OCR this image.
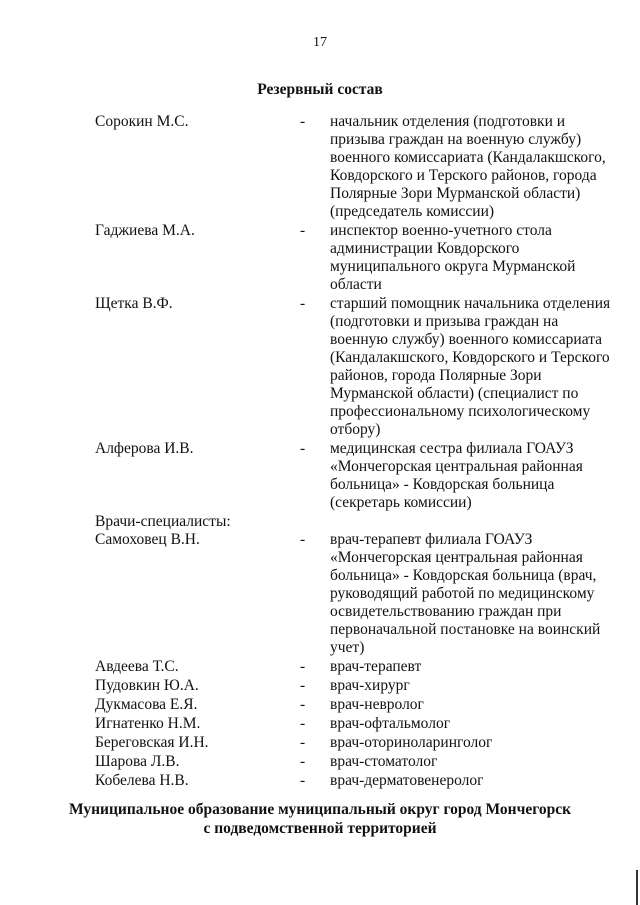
17
Резервный состав
Сорокин М.С.	-	начальник отделения (подготовки и
призыва граждан на военную службу)
военного комиссариата (Кандалакшского,
Ковдорского и Терского районов, города
Полярные Зори Мурманской области)
(председатель комиссии)
Гаджиева М.А.	-	инспектор военно-учетного стола
администрации Ковдорского
муниципального округа Мурманской
области
Щетка В.Ф.	-	старший помощник начальника отделения
(подготовки и призыва граждан на
военную службу) военного комиссариата
(Кандалакшского, Ковдорского и Терского
районов, города Полярные Зори
Мурманской области) (специалист по
профессиональному психологическому
отбору)
Алферова И.В.	-	медицинская сестра филиала ГОАУЗ
«Мончегорская центральная районная
больница» - Ковдорская больница
(секретарь комиссии)
Врачи-специалисты:
Самоховец В.Н.	-	врач-терапевт филиала ГОАУЗ
«Мончегорская центральная районная
больница» - Ковдорская больница (врач,
руководящий работой по медицинскому
освидетельствованию граждан при
первоначальной постановке на воинский
учет)
Авдеева Т.С.	-	врач-терапевт
Пудовкин Ю.А.	-	врач-хирург
Дукмасова Е.Я.	-	врач-невролог
Игнатенко Н.М.	-	врач-офтальмолог
Береговская И.Н.	-	врач-оториноларинголог
Шарова Л.В.	-	врач-стоматолог
Кобелева Н.В.	-	врач-дерматовенеролог
Муниципальное образование муниципальный округ город Мончегорск
с подведомственной территорией
